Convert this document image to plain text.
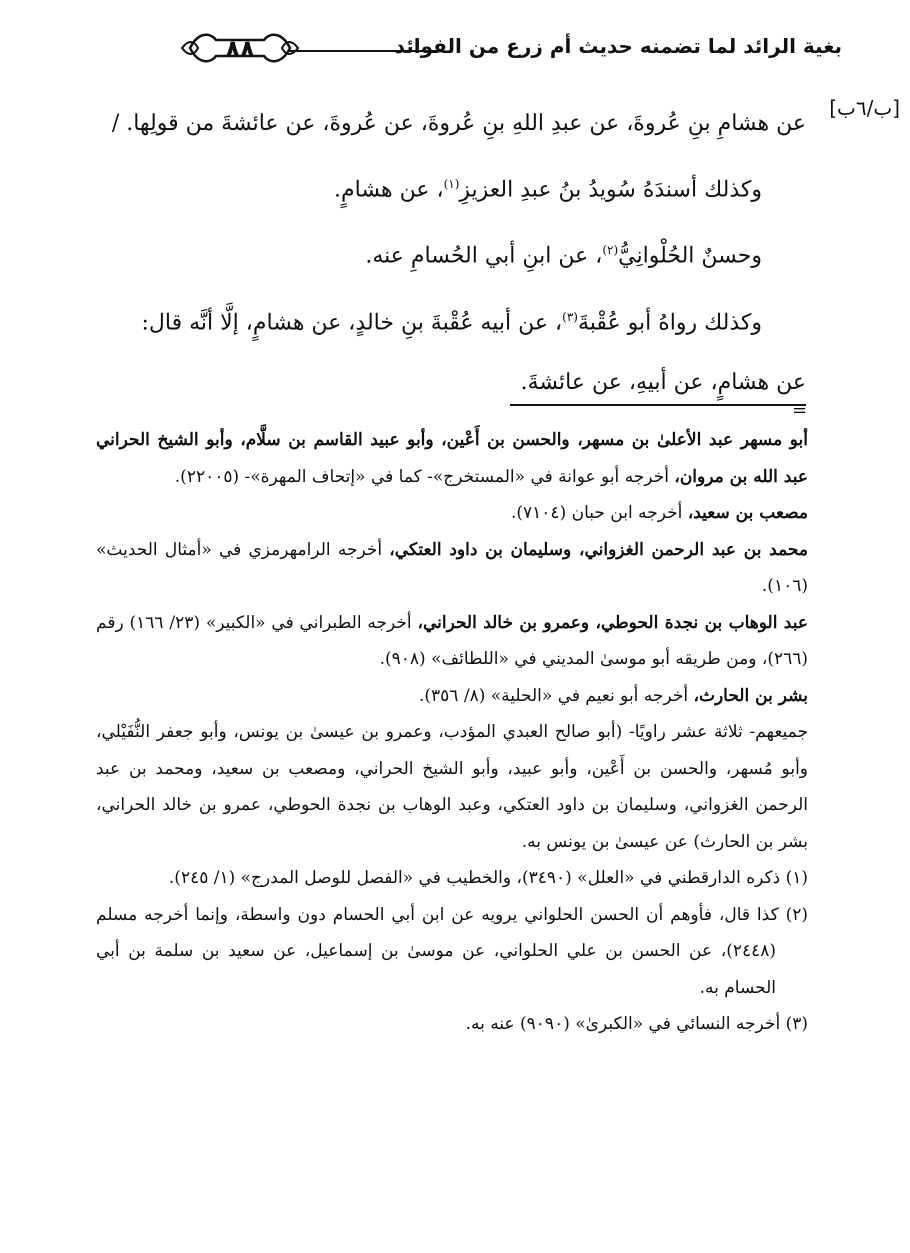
بغية الرائد لما تضمنه حديث أم زرع من الفوائد
٨٨
[ب/٦ب]

عن هشامِ بنِ عُروةَ، عن عبدِ اللهِ بنِ عُروةَ، عن عُروةَ، عن عائشةَ من قولِها. /

وكذلك أسندَهُ سُويدُ بنُ عبدِ العزيزِ$^{(١)}$، عن هشامٍ.

وحسنٌ الحُلْوانِيُّ$^{(٢)}$، عن ابنِ أبي الحُسامِ عنه.

وكذلك رواهُ أبو عُقْبةَ$^{(٣)}$، عن أبيه عُقْبةَ بنِ خالدٍ، عن هشامٍ، إلَّا أنَّه قال:

عن هشامٍ، عن أبيهِ، عن عائشةَ.

=

أبو مسهر عبد الأعلىٰ بن مسهر، والحسن بن أَعْين، وأبو عبيد القاسم بن سلَّام، وأبو الشيخ الحراني عبد الله بن مروان، أخرجه أبو عوانة في «المستخرج»- كما في «إتحاف المهرة»- (٢٢٠٠٥).

مصعب بن سعيد، أخرجه ابن حبان (٧١٠٤).

محمد بن عبد الرحمن الغزواني، وسليمان بن داود العتكي، أخرجه الرامهرمزي في «أمثال الحديث» (١٠٦).

عبد الوهاب بن نجدة الحوطي، وعمرو بن خالد الحراني، أخرجه الطبراني في «الكبير» (٢٣/ ١٦٦) رقم (٢٦٦)، ومن طريقه أبو موسىٰ المديني في «اللطائف» (٩٠٨).

بشر بن الحارث، أخرجه أبو نعيم في «الحلية» (٨/ ٣٥٦).

جميعهم- ثلاثة عشر راويًا- (أبو صالح العبدي المؤدب، وعمرو بن عيسىٰ بن يونس، وأبو جعفر النُّفَيْلي، وأبو مُسهر، والحسن بن أَعْين، وأبو عبيد، وأبو الشيخ الحراني، ومصعب بن سعيد، ومحمد بن عبد الرحمن الغزواني، وسليمان بن داود العتكي، وعبد الوهاب بن نجدة الحوطي، عمرو بن خالد الحراني، بشر بن الحارث) عن عيسىٰ بن يونس به.

(١) ذكره الدارقطني في «العلل» (٣٤٩٠)، والخطيب في «الفصل للوصل المدرج» (١/ ٢٤٥).

(٢) كذا قال، فأوهم أن الحسن الحلواني يرويه عن ابن أبي الحسام دون واسطة، وإنما أخرجه مسلم (٢٤٤٨)، عن الحسن بن علي الحلواني، عن موسىٰ بن إسماعيل، عن سعيد بن سلمة بن أبي الحسام به.

(٣) أخرجه النسائي في «الكبرىٰ» (٩٠٩٠) عنه به.
